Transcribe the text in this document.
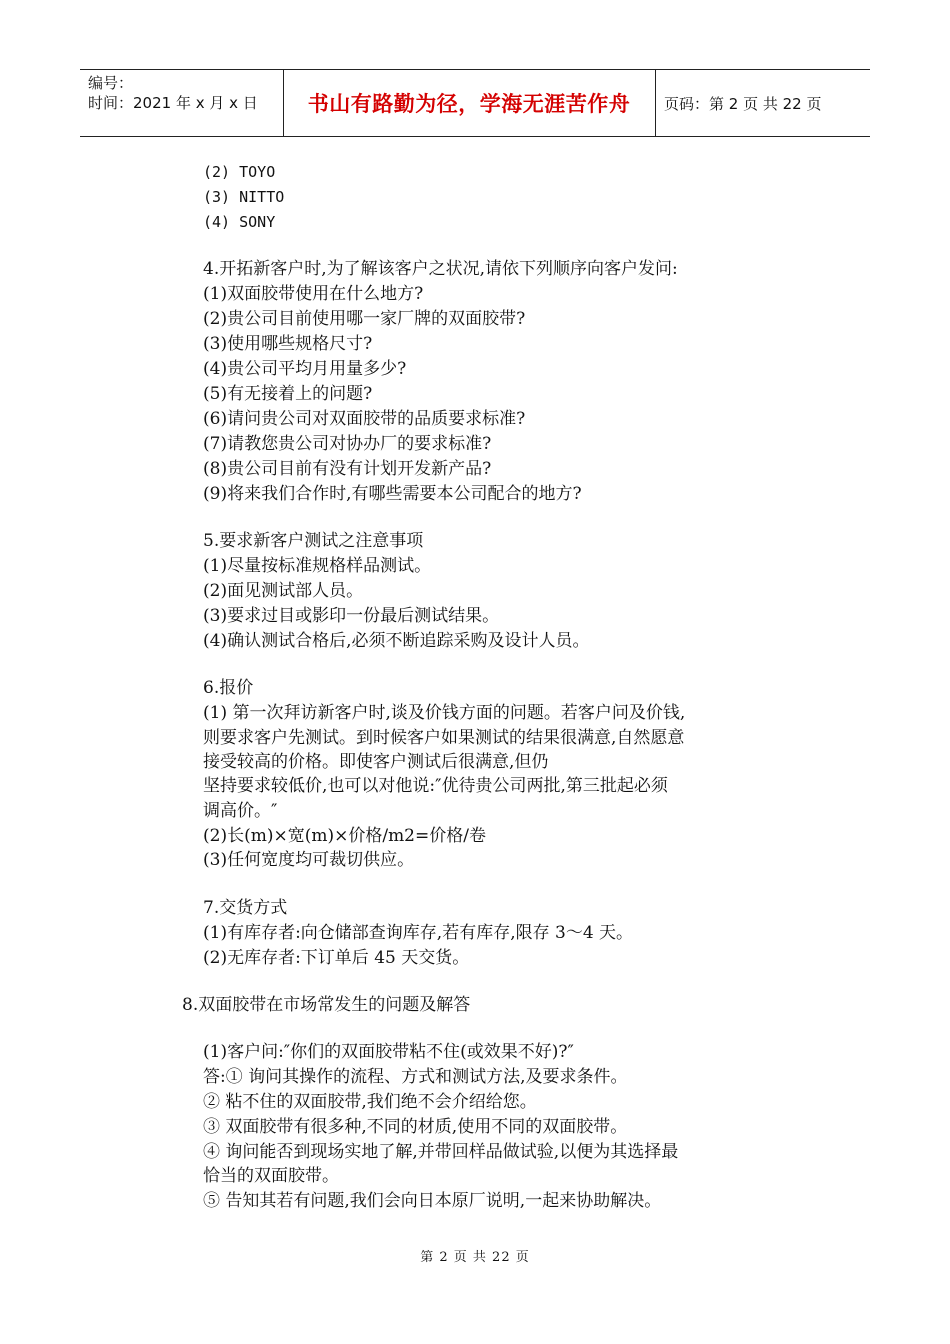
编号：
时间：2021 年 x 月 x 日	书山有路勤为径，学海无涯苦作舟	页码：第 2 页 共 22 页
(2) TOYO
(3) NITTO
(4) SONY
4.开拓新客户时,为了解该客户之状况,请依下列顺序向客户发问:
(1)双面胶带使用在什么地方?
(2)贵公司目前使用哪一家厂牌的双面胶带?
(3)使用哪些规格尺寸?
(4)贵公司平均月用量多少?
(5)有无接着上的问题?
(6)请问贵公司对双面胶带的品质要求标准?
(7)请教您贵公司对协办厂的要求标准?
(8)贵公司目前有没有计划开发新产品?
(9)将来我们合作时,有哪些需要本公司配合的地方?
5.要求新客户测试之注意事项
(1)尽量按标准规格样品测试。
(2)面见测试部人员。
(3)要求过目或影印一份最后测试结果。
(4)确认测试合格后,必须不断追踪采购及设计人员。
6.报价
(1) 第一次拜访新客户时,谈及价钱方面的问题。若客户问及价钱,
则要求客户先测试。到时候客户如果测试的结果很满意,自然愿意
接受较高的价格。即使客户测试后很满意,但仍
坚持要求较低价,也可以对他说:″优待贵公司两批,第三批起必须
调高价。″
(2)长(m)×宽(m)×价格/m2=价格/卷
(3)任何宽度均可裁切供应。
7.交货方式
(1)有库存者:向仓储部查询库存,若有库存,限存 3～4 天。
(2)无库存者:下订单后 45 天交货。
8.双面胶带在市场常发生的问题及解答
(1)客户问:″你们的双面胶带粘不住(或效果不好)?″
答:① 询问其操作的流程、方式和测试方法,及要求条件。
② 粘不住的双面胶带,我们绝不会介绍给您。
③ 双面胶带有很多种,不同的材质,使用不同的双面胶带。
④ 询问能否到现场实地了解,并带回样品做试验,以便为其选择最
恰当的双面胶带。
⑤ 告知其若有问题,我们会向日本原厂说明,一起来协助解决。
第 2 页 共 22 页
